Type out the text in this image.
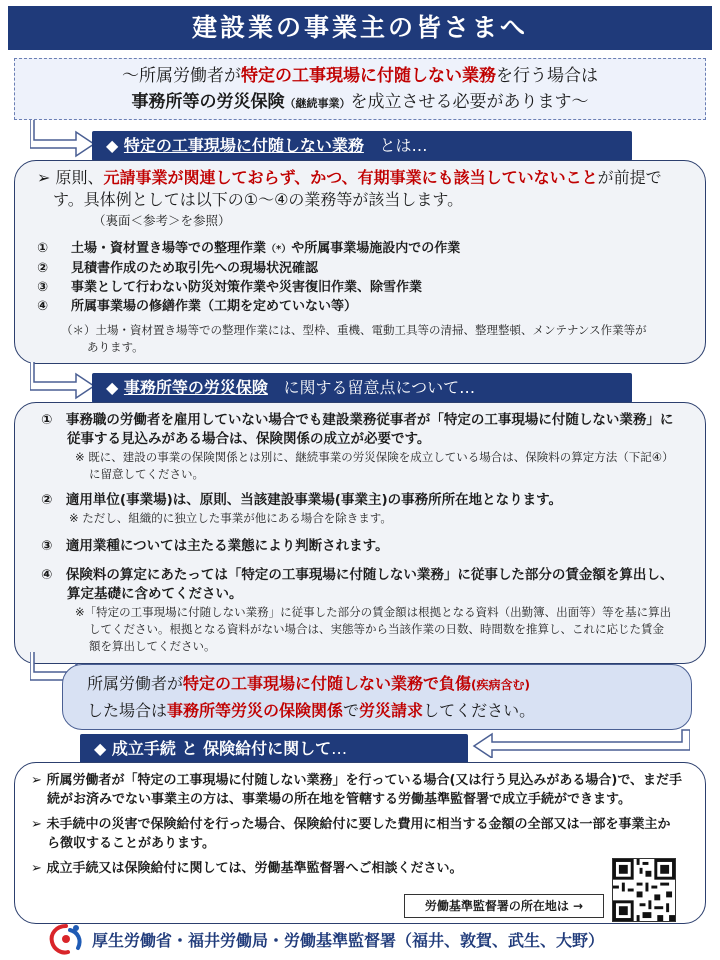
建設業の事業主の皆さまへ
～所属労働者が特定の工事現場に付随しない業務を行う場合は
事務所等の労災保険（継続事業）を成立させる必要があります～
◆ 特定の工事現場に付随しない業務 とは…
➢ 原則、元請事業が関連しておらず、かつ、有期事業にも該当していないことが前提です。具体例としては以下の①～④の業務等が該当します。
（裏面＜参考＞を参照）
① 土場・資材置き場等での整理作業（*）や所属事業場施設内での作業
② 見積書作成のため取引先への現場状況確認
③ 事業として行わない防災対策作業や災害復旧作業、除雪作業
④ 所属事業場の修繕作業（工期を定めていない等）
（＊）土場・資材置き場等での整理作業には、型枠、重機、電動工具等の清掃、整理整頓、メンテナンス作業等があります。
◆ 事務所等の労災保険 に関する留意点について…
①　事務職の労働者を雇用していない場合でも建設業務従事者が「特定の工事現場に付随しない業務」に従事する見込みがある場合は、保険関係の成立が必要です。
※ 既に、建設の事業の保険関係とは別に、継続事業の労災保険を成立している場合は、保険料の算定方法（下記④）に留意してください。
②　適用単位(事業場)は、原則、当該建設事業場(事業主)の事務所所在地となります。
※ ただし、組織的に独立した事業が他にある場合を除きます。
③　適用業種については主たる業態により判断されます。
④　保険料の算定にあたっては「特定の工事現場に付随しない業務」に従事した部分の賃金額を算出し、算定基礎に含めてください。
※「特定の工事現場に付随しない業務」に従事した部分の賃金額は根拠となる資料（出勤簿、出面等）等を基に算出してください。根拠となる資料がない場合は、実態等から当該作業の日数、時間数を推算し、これに応じた賃金額を算出してください。
所属労働者が特定の工事現場に付随しない業務で負傷(疾病含む)
した場合は事務所等労災の保険関係で労災請求してください。
◆ 成立手続 と 保険給付に関して…
➢ 所属労働者が「特定の工事現場に付随しない業務」を行っている場合(又は行う見込みがある場合)で、まだ手続がお済みでない事業主の方は、事業場の所在地を管轄する労働基準監督署で成立手続ができます。
➢ 未手続中の災害で保険給付を行った場合、保険給付に要した費用に相当する金額の全部又は一部を事業主から徴収することがあります。
➢ 成立手続又は保険給付に関しては、労働基準監督署へご相談ください。
労働基準監督署の所在地は →
厚生労働省・福井労働局・労働基準監督署（福井、敦賀、武生、大野）
